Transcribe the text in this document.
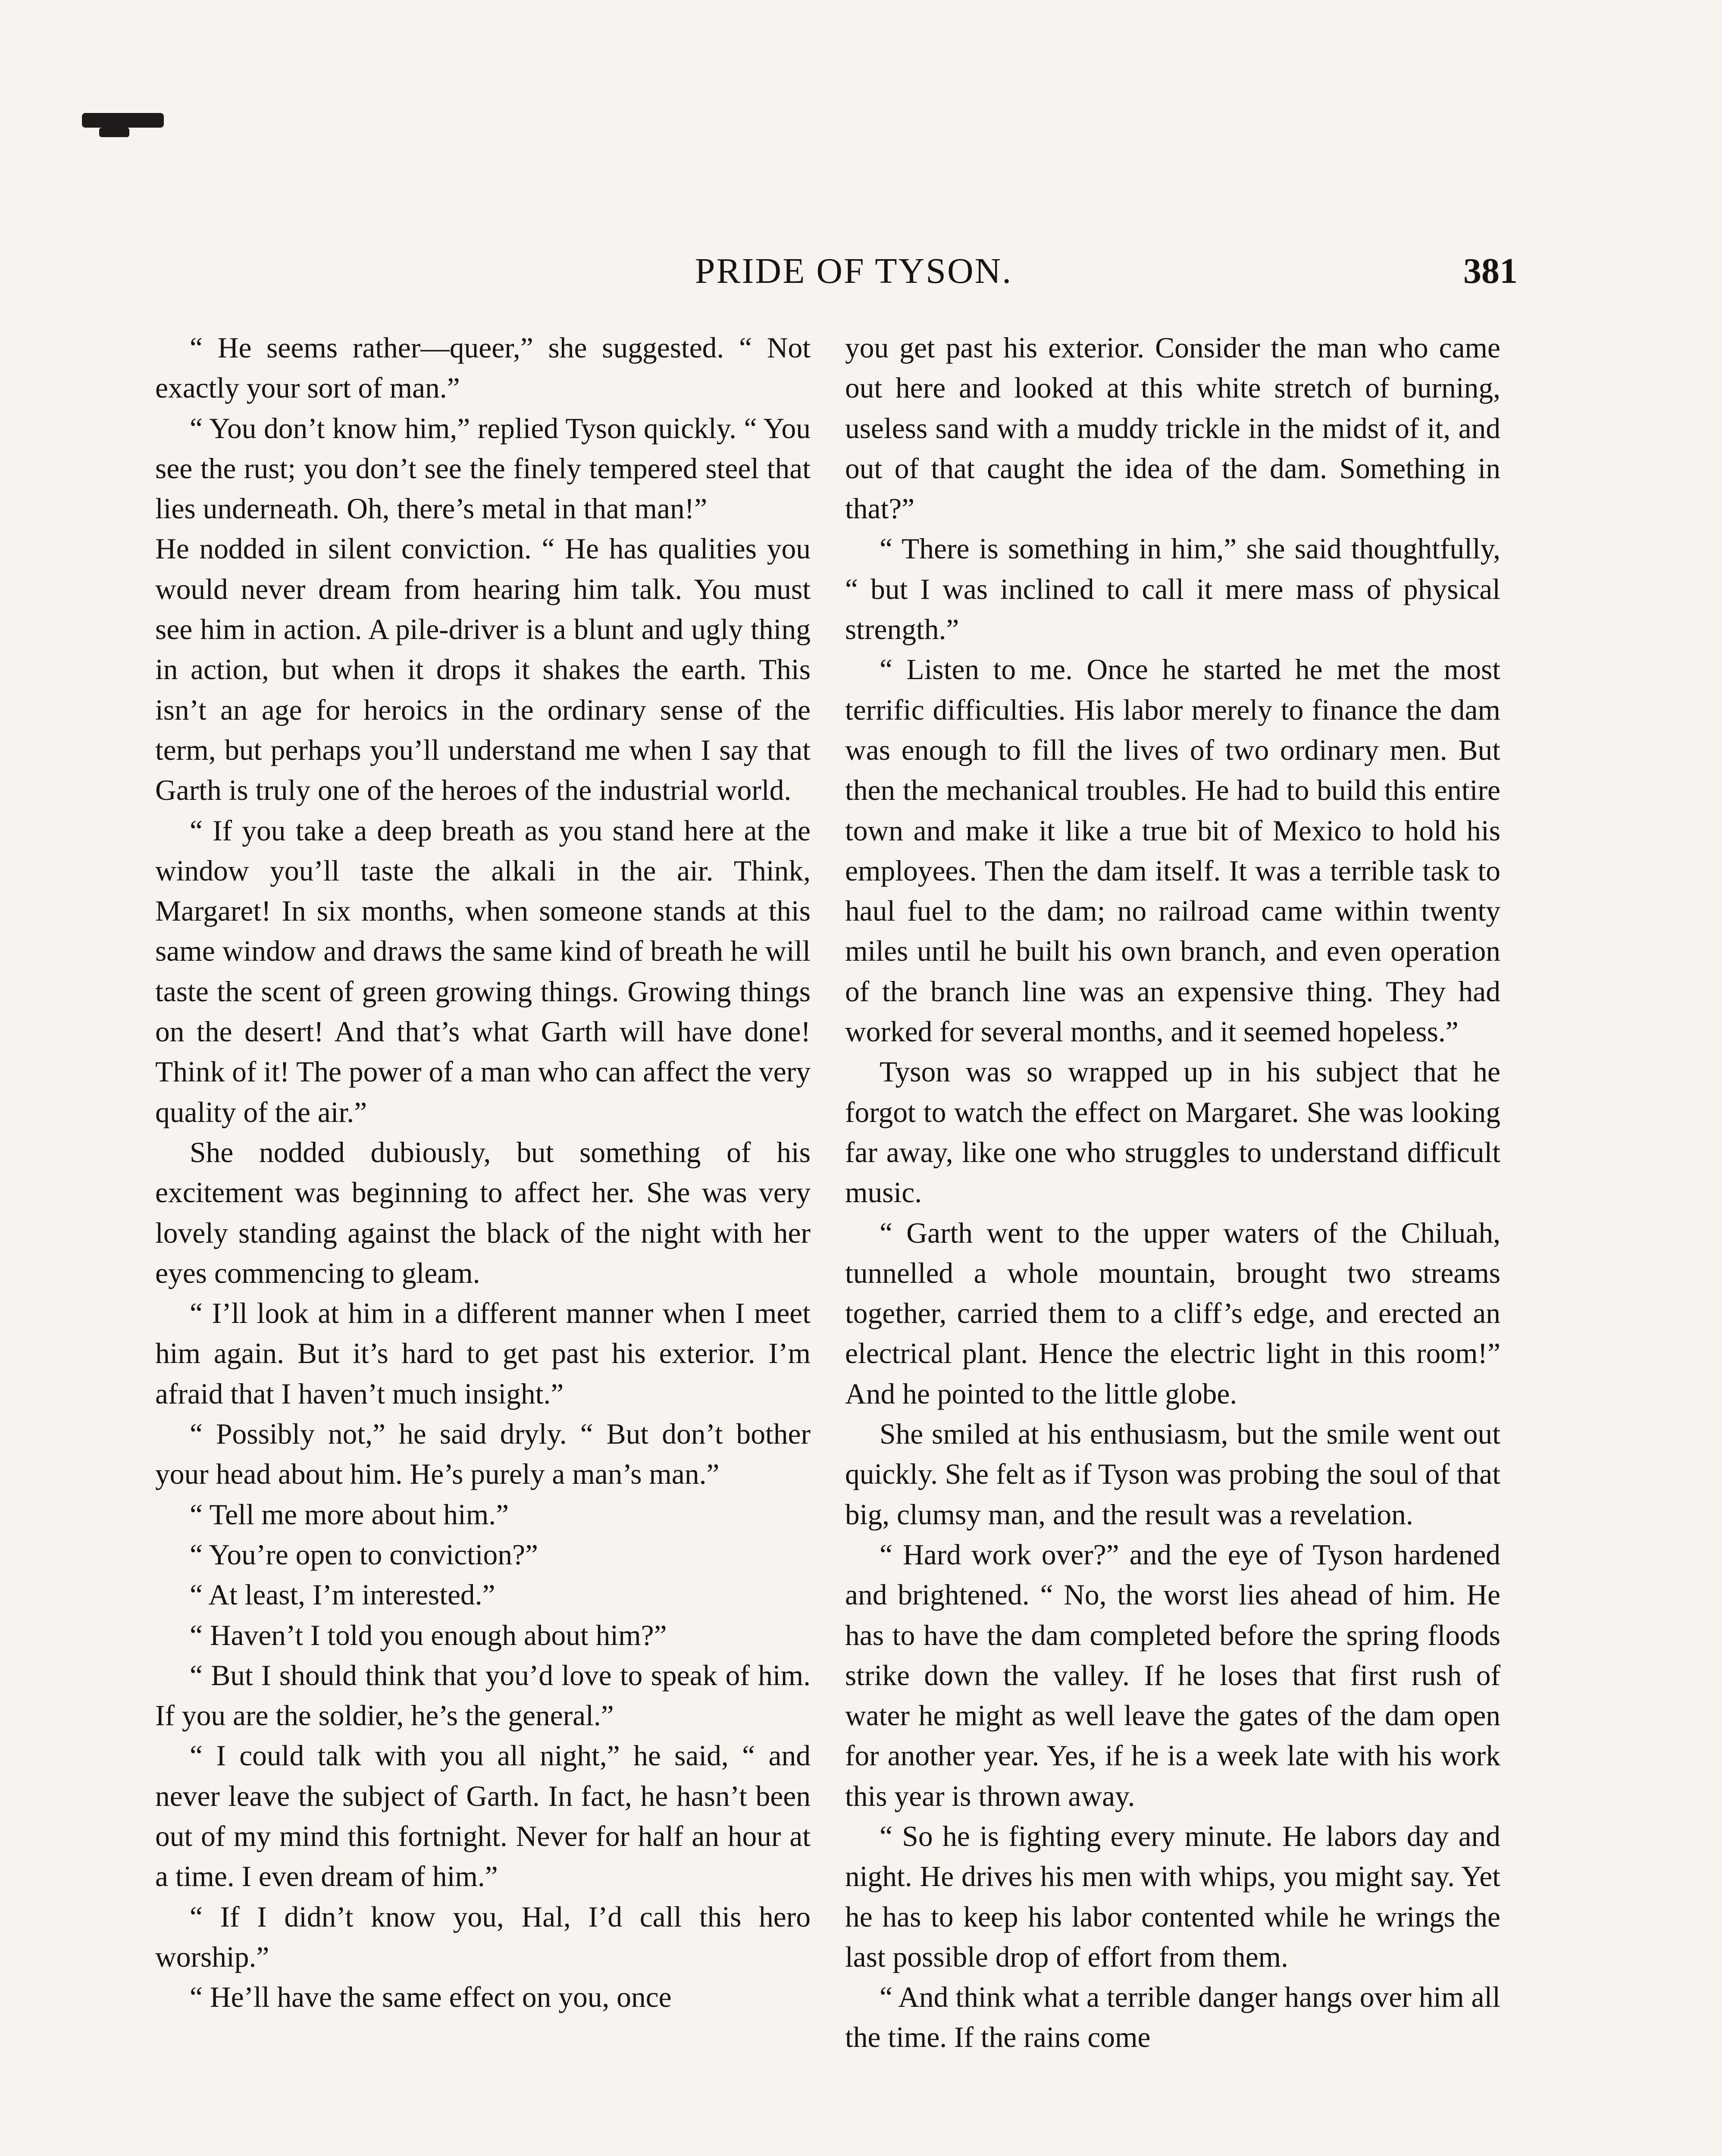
PRIDE OF TYSON.	381

“ He seems rather—queer,” she suggested. “ Not exactly your sort of man.”

“ You don’t know him,” replied Tyson quickly. “ You see the rust; you don’t see the finely tempered steel that lies underneath. Oh, there’s metal in that man!”

He nodded in silent conviction. “ He has qualities you would never dream from hearing him talk. You must see him in action. A pile-driver is a blunt and ugly thing in action, but when it drops it shakes the earth. This isn’t an age for heroics in the ordinary sense of the term, but perhaps you’ll understand me when I say that Garth is truly one of the heroes of the industrial world.

“ If you take a deep breath as you stand here at the window you’ll taste the alkali in the air. Think, Margaret! In six months, when someone stands at this same window and draws the same kind of breath he will taste the scent of green growing things. Growing things on the desert! And that’s what Garth will have done! Think of it! The power of a man who can affect the very quality of the air.”

She nodded dubiously, but something of his excitement was beginning to affect her. She was very lovely standing against the black of the night with her eyes commencing to gleam.

“ I’ll look at him in a different manner when I meet him again. But it’s hard to get past his exterior. I’m afraid that I haven’t much insight.”

“ Possibly not,” he said dryly. “ But don’t bother your head about him. He’s purely a man’s man.”

“ Tell me more about him.”

“ You’re open to conviction?”

“ At least, I’m interested.”

“ Haven’t I told you enough about him?”

“ But I should think that you’d love to speak of him. If you are the soldier, he’s the general.”

“ I could talk with you all night,” he said, “ and never leave the subject of Garth. In fact, he hasn’t been out of my mind this fortnight. Never for half an hour at a time. I even dream of him.”

“ If I didn’t know you, Hal, I’d call this hero worship.”

“ He’ll have the same effect on you, once

you get past his exterior. Consider the man who came out here and looked at this white stretch of burning, useless sand with a muddy trickle in the midst of it, and out of that caught the idea of the dam. Something in that?”

“ There is something in him,” she said thoughtfully, “ but I was inclined to call it mere mass of physical strength.”

“ Listen to me. Once he started he met the most terrific difficulties. His labor merely to finance the dam was enough to fill the lives of two ordinary men. But then the mechanical troubles. He had to build this entire town and make it like a true bit of Mexico to hold his employees. Then the dam itself. It was a terrible task to haul fuel to the dam; no railroad came within twenty miles until he built his own branch, and even operation of the branch line was an expensive thing. They had worked for several months, and it seemed hopeless.”

Tyson was so wrapped up in his subject that he forgot to watch the effect on Margaret. She was looking far away, like one who struggles to understand difficult music.

“ Garth went to the upper waters of the Chiluah, tunnelled a whole mountain, brought two streams together, carried them to a cliff’s edge, and erected an electrical plant. Hence the electric light in this room!” And he pointed to the little globe.

She smiled at his enthusiasm, but the smile went out quickly. She felt as if Tyson was probing the soul of that big, clumsy man, and the result was a revelation.

“ Hard work over?” and the eye of Tyson hardened and brightened. “ No, the worst lies ahead of him. He has to have the dam completed before the spring floods strike down the valley. If he loses that first rush of water he might as well leave the gates of the dam open for another year. Yes, if he is a week late with his work this year is thrown away.

“ So he is fighting every minute. He labors day and night. He drives his men with whips, you might say. Yet he has to keep his labor contented while he wrings the last possible drop of effort from them.

“ And think what a terrible danger hangs over him all the time. If the rains come
